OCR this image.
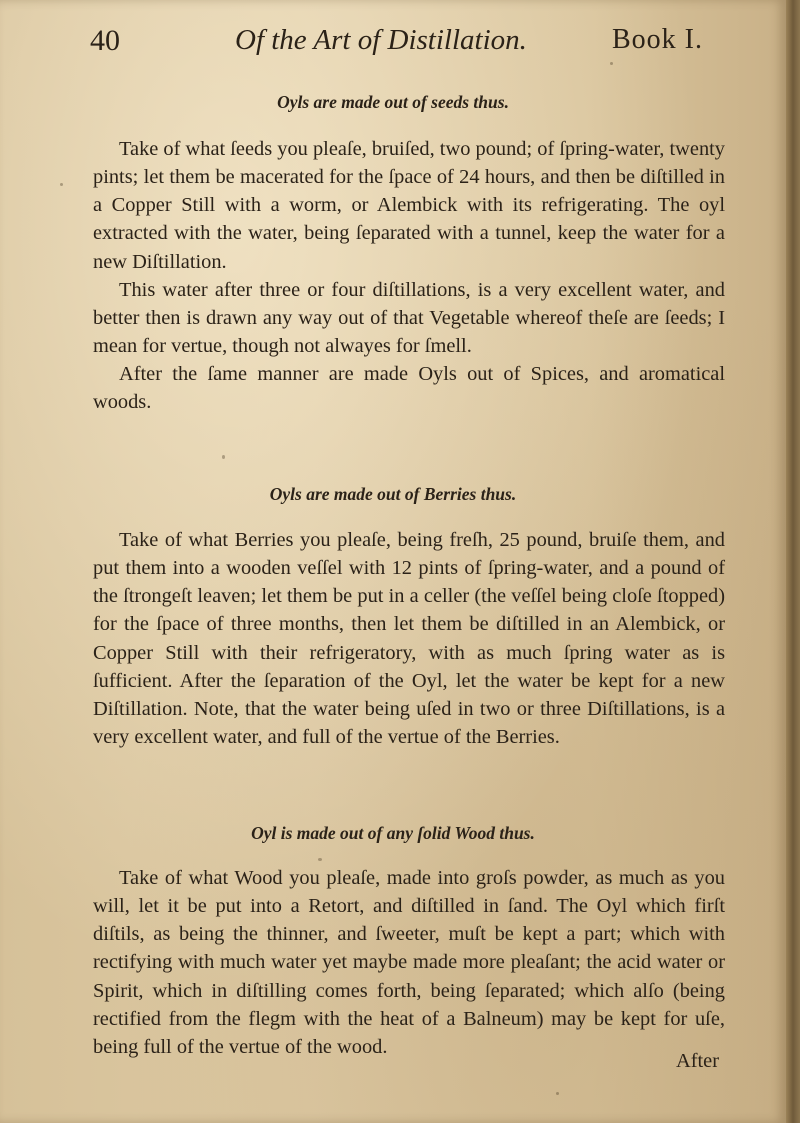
40	Of the Art of Distillation.	Book I.
Oyls are made out of seeds thus.

Take of what ſeeds you pleaſe, bruiſed, two pound; of ſpring-water, twenty pints; let them be macerated for the ſpace of 24 hours, and then be diſtilled in a Copper Still with a worm, or Alembick with its refrigerating. The oyl extracted with the water, being ſeparated with a tunnel, keep the water for a new Diſtillation.

This water after three or four diſtillations, is a very excellent water, and better then is drawn any way out of that Vegetable whereof theſe are ſeeds; I mean for vertue, though not alwayes for ſmell.

After the ſame manner are made Oyls out of Spices, and aromatical woods.

Oyls are made out of Berries thus.

Take of what Berries you pleaſe, being freſh, 25 pound, bruiſe them, and put them into a wooden veſſel with 12 pints of ſpring-water, and a pound of the ſtrongeſt leaven; let them be put in a celler (the veſſel being cloſe ſtopped) for the ſpace of three months, then let them be diſtilled in an Alembick, or Copper Still with their refrigeratory, with as much ſpring water as is ſufficient. After the ſeparation of the Oyl, let the water be kept for a new Diſtillation. Note, that the water being uſed in two or three Diſtillations, is a very excellent water, and full of the vertue of the Berries.

Oyl is made out of any ſolid Wood thus.

Take of what Wood you pleaſe, made into groſs powder, as much as you will, let it be put into a Retort, and diſtilled in ſand. The Oyl which firſt diſtils, as being the thinner, and ſweeter, muſt be kept a part; which with rectifying with much water yet maybe made more pleaſant; the acid water or Spirit, which in diſtilling comes forth, being ſeparated; which alſo (being rectified from the flegm with the heat of a Balneum) may be kept for uſe, being full of the vertue of the wood.

After
